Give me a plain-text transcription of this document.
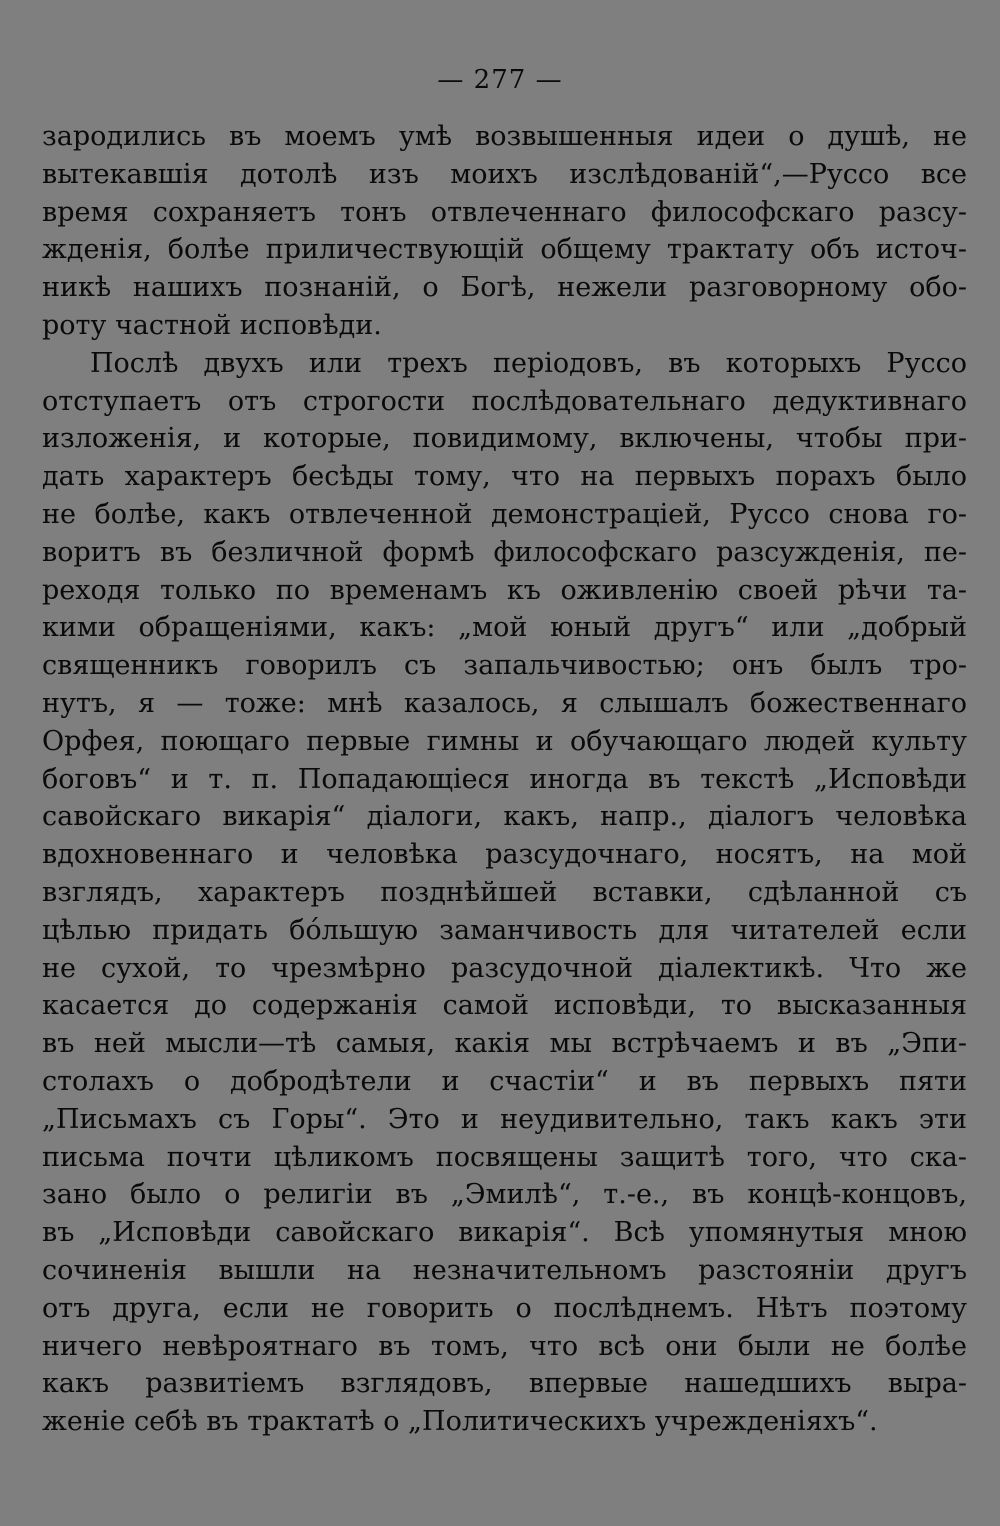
— 277 —
зародились въ моемъ умѣ возвышенныя идеи о душѣ, не
вытекавшія дотолѣ изъ моихъ изслѣдованій“,—Руссо все
время сохраняетъ тонъ отвлеченнаго философскаго разсу-
жденія, болѣе приличествующій общему трактату объ источ-
никѣ нашихъ познаній, о Богѣ, нежели разговорному обо-
роту частной исповѣди.
Послѣ двухъ или трехъ періодовъ, въ которыхъ Руссо
отступаетъ отъ строгости послѣдовательнаго дедуктивнаго
изложенія, и которые, повидимому, включены, чтобы при-
дать характеръ бесѣды тому, что на первыхъ порахъ было
не болѣе, какъ отвлеченной демонстраціей, Руссо снова го-
воритъ въ безличной формѣ философскаго разсужденія, пе-
реходя только по временамъ къ оживленію своей рѣчи та-
кими обращеніями, какъ: „мой юный другъ“ или „добрый
священникъ говорилъ съ запальчивостью; онъ былъ тро-
нутъ, я — тоже: мнѣ казалось, я слышалъ божественнаго
Орфея, поющаго первые гимны и обучающаго людей культу
боговъ“ и т. п. Попадающіеся иногда въ текстѣ „Исповѣди
савойскаго викарія“ діалоги, какъ, напр., діалогъ человѣка
вдохновеннаго и человѣка разсудочнаго, носятъ, на мой
взглядъ, характеръ позднѣйшей вставки, сдѣланной съ
цѣлью придать бо́льшую заманчивость для читателей если
не сухой, то чрезмѣрно разсудочной діалектикѣ. Что же
касается до содержанія самой исповѣди, то высказанныя
въ ней мысли—тѣ самыя, какія мы встрѣчаемъ и въ „Эпи-
столахъ о добродѣтели и счастіи“ и въ первыхъ пяти
„Письмахъ съ Горы“. Это и неудивительно, такъ какъ эти
письма почти цѣликомъ посвящены защитѣ того, что ска-
зано было о религіи въ „Эмилѣ“, т.-е., въ концѣ-концовъ,
въ „Исповѣди савойскаго викарія“. Всѣ упомянутыя мною
сочиненія вышли на незначительномъ разстояніи другъ
отъ друга, если не говорить о послѣднемъ. Нѣтъ поэтому
ничего невѣроятнаго въ томъ, что всѣ они были не болѣе
какъ развитіемъ взглядовъ, впервые нашедшихъ выра-
женіе себѣ въ трактатѣ о „Политическихъ учрежденіяхъ“.
